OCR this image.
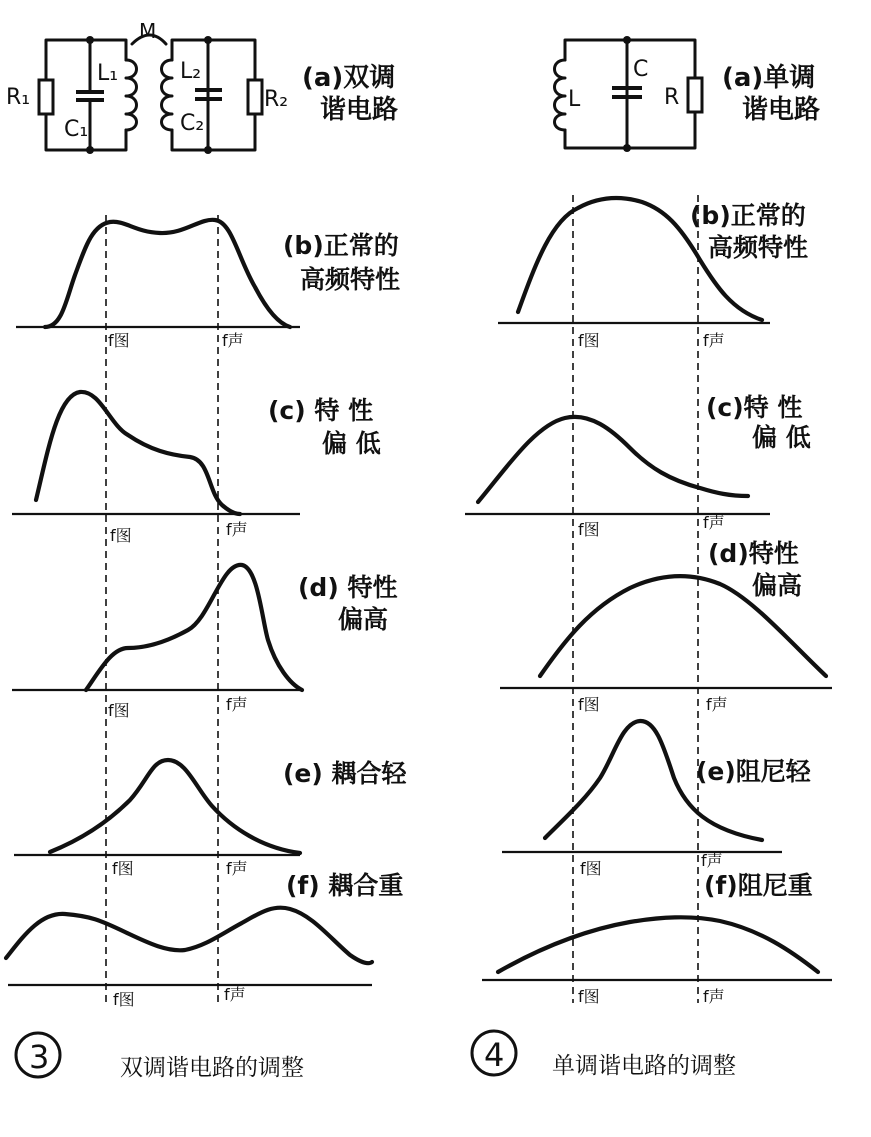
R₁
L₁
C₁
L₂
C₂
R₂
M
(a)双调
谐电路
(b)正常的
高频特性
f图	f声
(c) 特 性
偏 低
f图	f声
(d) 特性
偏高
f图	f声
(e) 耦合轻
f图	f声
(f) 耦合重
f图	f声
3	双调谐电路的调整
L
C
R
(a)单调
谐电路
(b)正常的
高频特性
f图	f声
(c)特 性
偏 低
f图	f声
(d)特性
偏高
f图	f声
(e)阻尼轻
f图	f声
(f)阻尼重
f图	f声
4 单调谐电路的调整
